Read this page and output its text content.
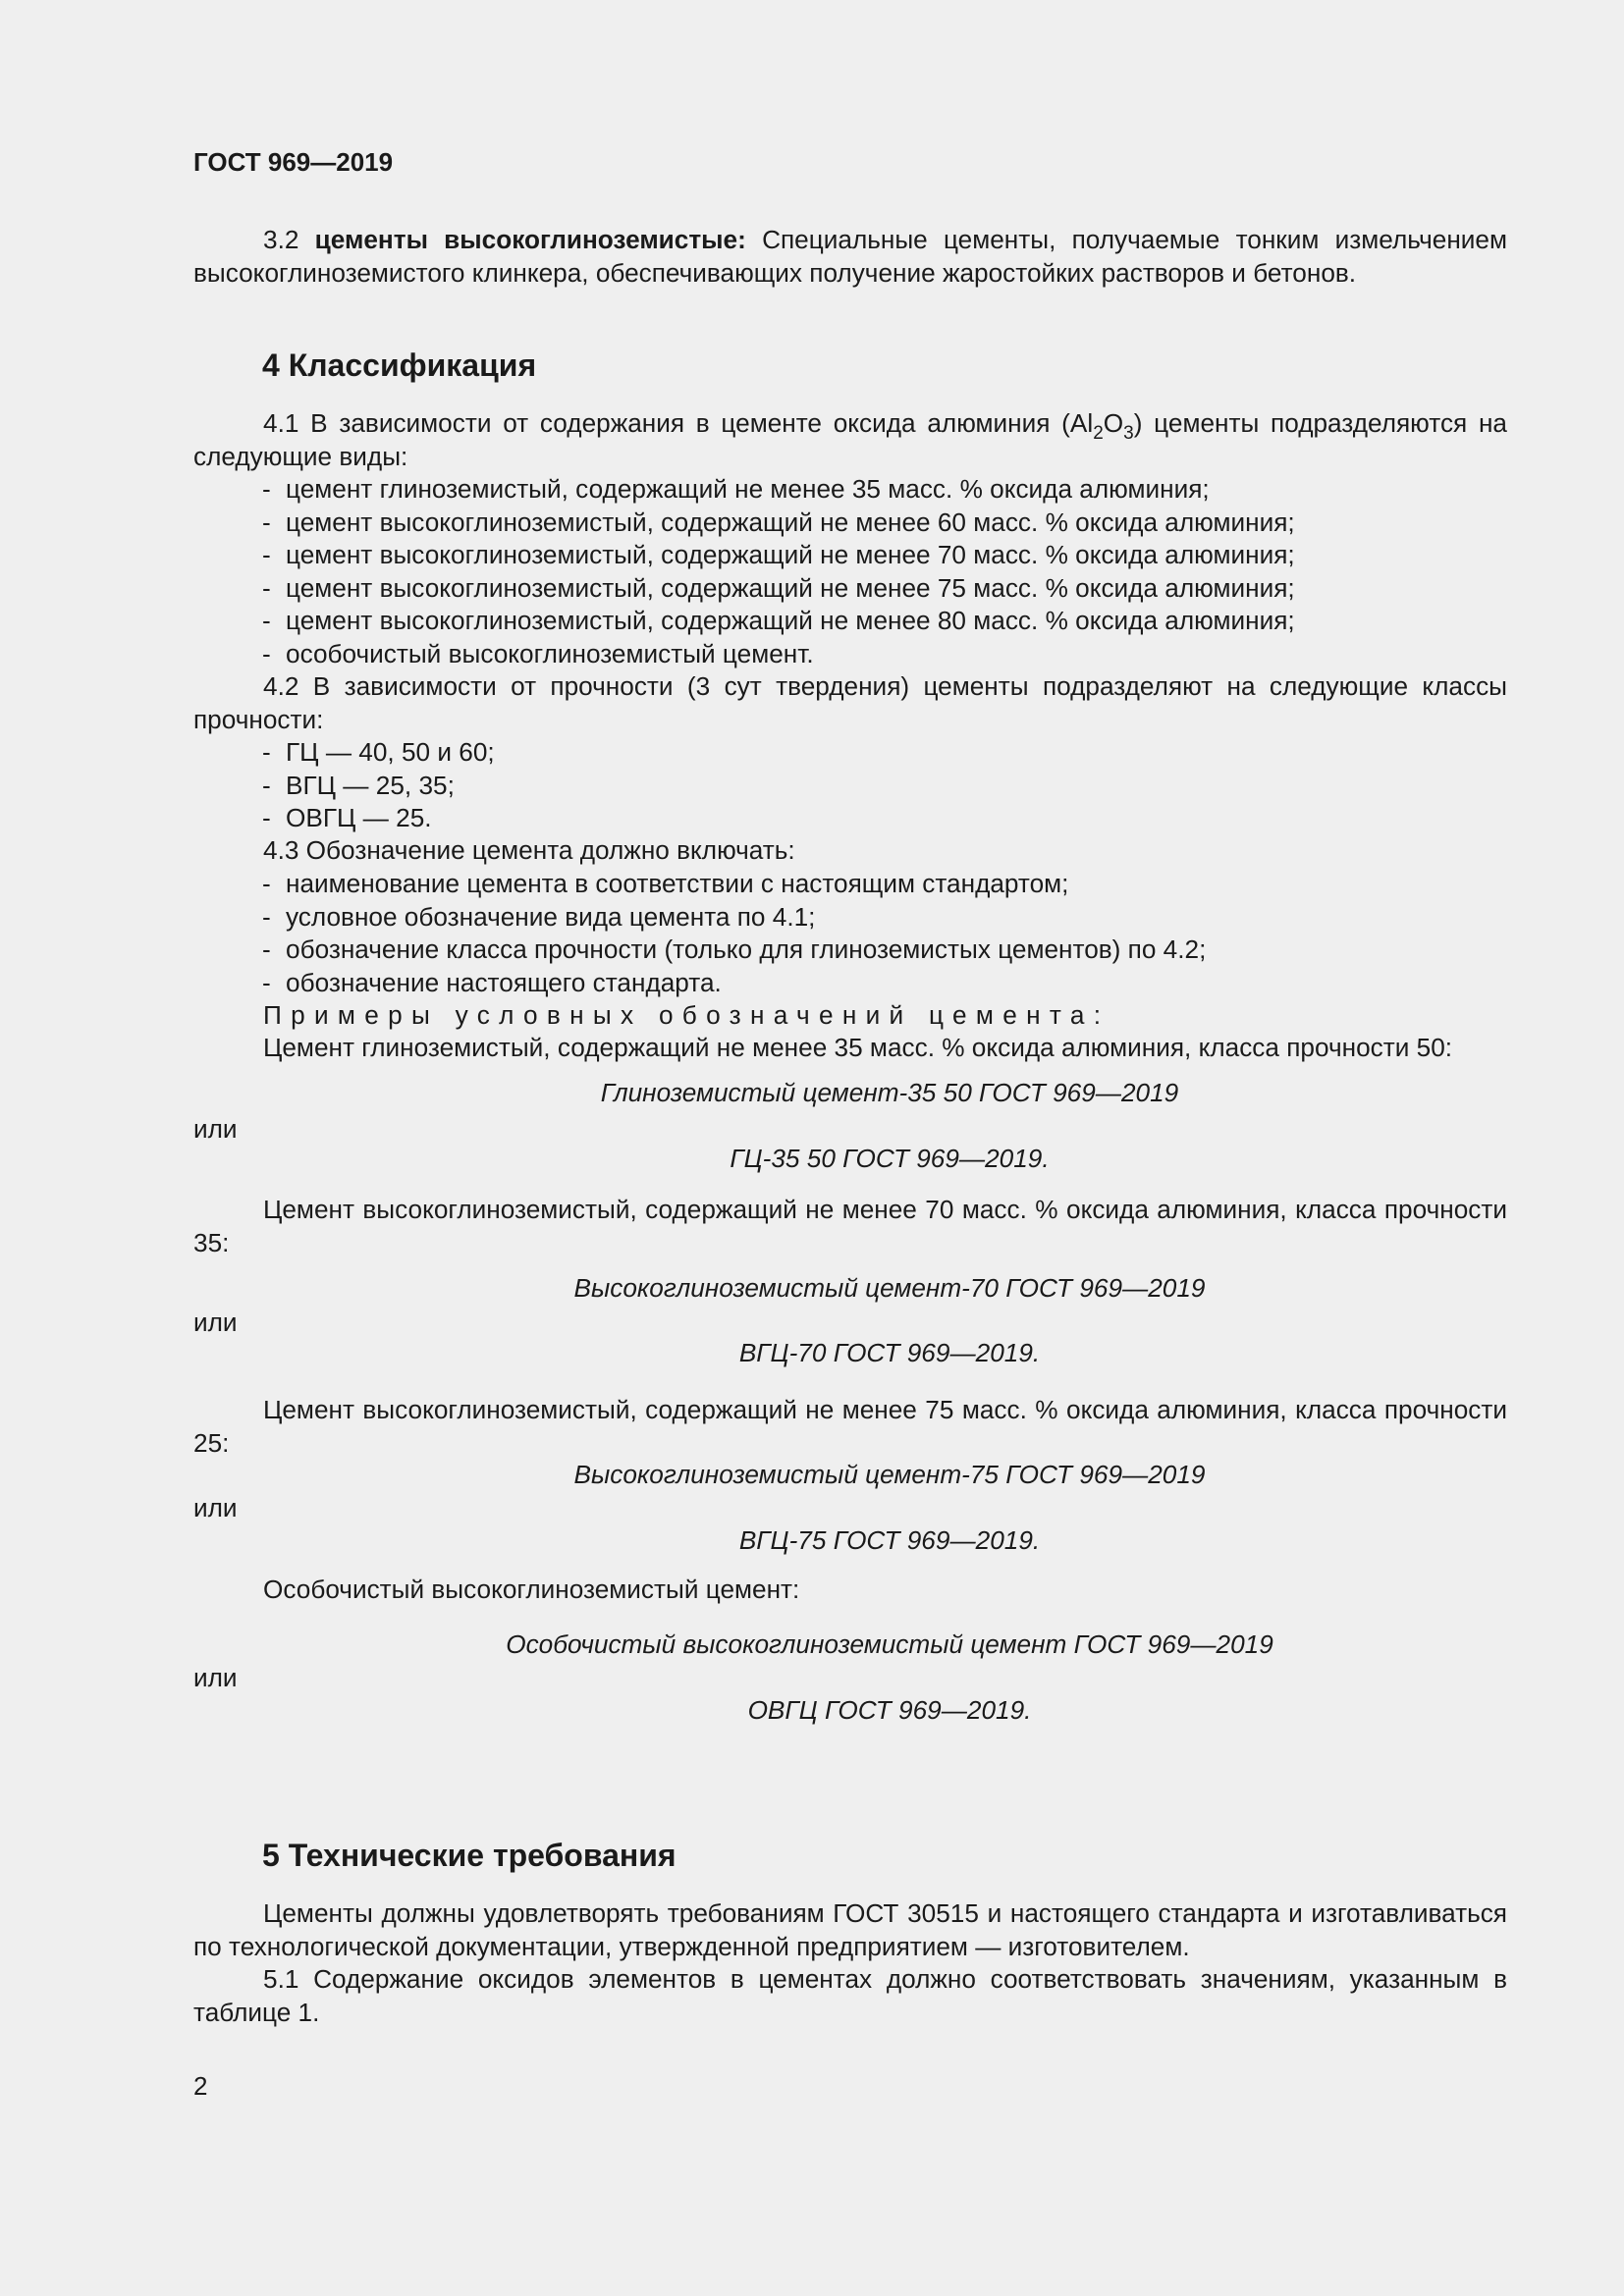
ГОСТ 969—2019
3.2 цементы высокоглиноземистые: Специальные цементы, получаемые тонким измельчением высокоглиноземистого клинкера, обеспечивающих получение жаростойких растворов и бетонов.
4 Классификация
4.1 В зависимости от содержания в цементе оксида алюминия $(Al_2O_3)$ цементы подразделяются на следующие виды:
- цемент глиноземистый, содержащий не менее 35 масс. % оксида алюминия;
- цемент высокоглиноземистый, содержащий не менее 60 масс. % оксида алюминия;
- цемент высокоглиноземистый, содержащий не менее 70 масс. % оксида алюминия;
- цемент высокоглиноземистый, содержащий не менее 75 масс. % оксида алюминия;
- цемент высокоглиноземистый, содержащий не менее 80 масс. % оксида алюминия;
- особочистый высокоглиноземистый цемент.
4.2 В зависимости от прочности (3 сут твердения) цементы подразделяют на следующие классы прочности:
- ГЦ — 40, 50 и 60;
- ВГЦ — 25, 35;
- ОВГЦ — 25.
4.3 Обозначение цемента должно включать:
- наименование цемента в соответствии с настоящим стандартом;
- условное обозначение вида цемента по 4.1;
- обозначение класса прочности (только для глиноземистых цементов) по 4.2;
- обозначение настоящего стандарта.
Примеры условных обозначений цемента:
Цемент глиноземистый, содержащий не менее 35 масс. % оксида алюминия, класса прочности 50:
Глиноземистый цемент-35 50 ГОСТ 969—2019
или
ГЦ-35 50 ГОСТ 969—2019.
Цемент высокоглиноземистый, содержащий не менее 70 масс. % оксида алюминия, класса прочности 35:
Высокоглиноземистый цемент-70 ГОСТ 969—2019
или
ВГЦ-70 ГОСТ 969—2019.
Цемент высокоглиноземистый, содержащий не менее 75 масс. % оксида алюминия, класса прочности 25:
Высокоглиноземистый цемент-75 ГОСТ 969—2019
или
ВГЦ-75 ГОСТ 969—2019.
Особочистый высокоглиноземистый цемент:
Особочистый высокоглиноземистый цемент ГОСТ 969—2019
или
ОВГЦ ГОСТ 969—2019.
5 Технические требования
Цементы должны удовлетворять требованиям ГОСТ 30515 и настоящего стандарта и изготавливаться по технологической документации, утвержденной предприятием — изготовителем.
5.1 Содержание оксидов элементов в цементах должно соответствовать значениям, указанным в таблице 1.
2
